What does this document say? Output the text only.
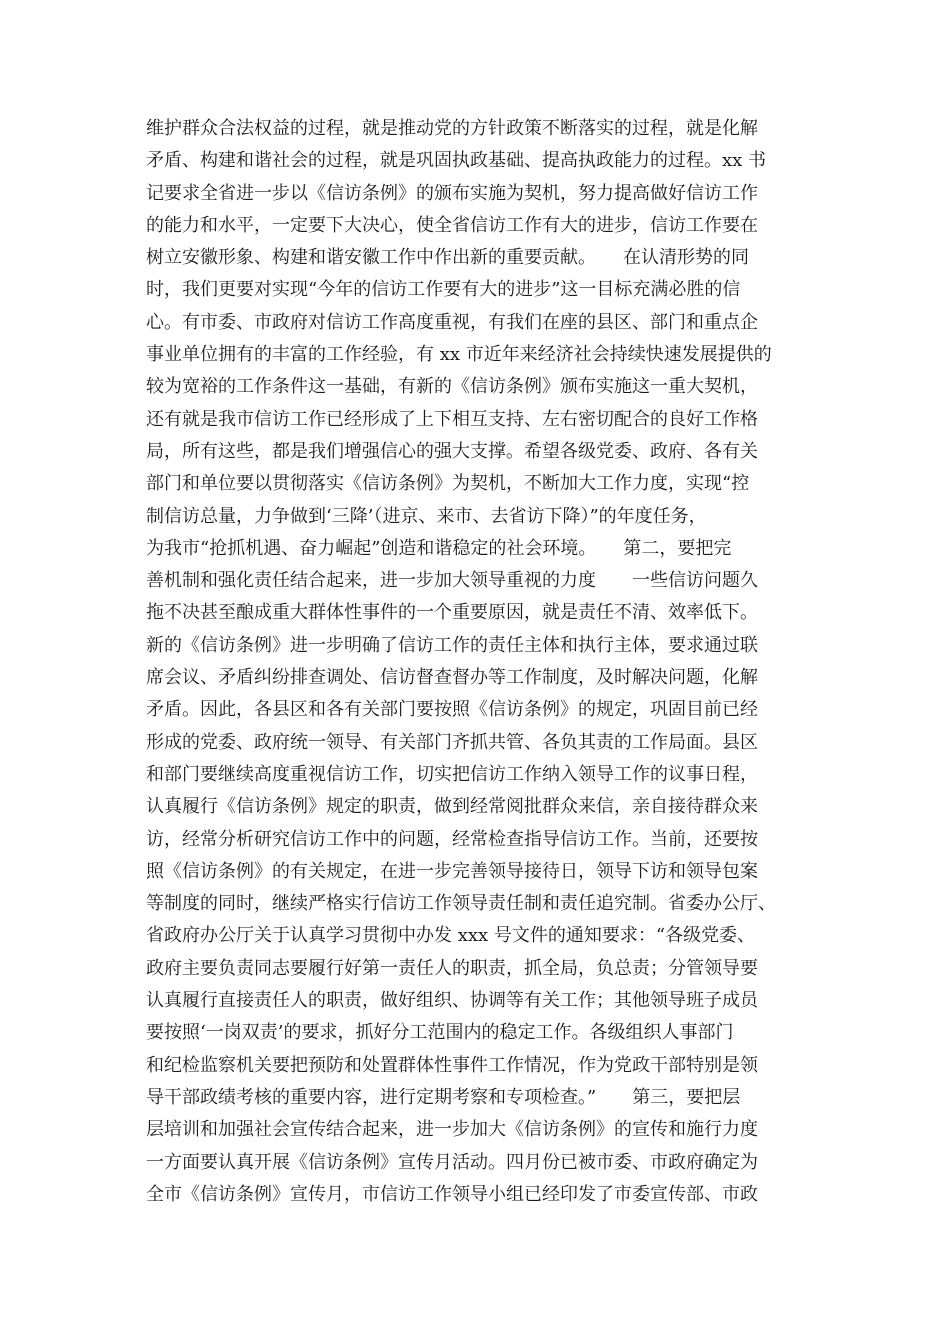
维护群众合法权益的过程，就是推动党的方针政策不断落实的过程，就是化解
矛盾、构建和谐社会的过程，就是巩固执政基础、提高执政能力的过程。xx 书
记要求全省进一步以《信访条例》的颁布实施为契机，努力提高做好信访工作
的能力和水平，一定要下大决心，使全省信访工作有大的进步，信访工作要在
树立安徽形象、构建和谐安徽工作中作出新的重要贡献。　　在认清形势的同
时，我们更要对实现“今年的信访工作要有大的进步”这一目标充满必胜的信
心。有市委、市政府对信访工作高度重视，有我们在座的县区、部门和重点企
事业单位拥有的丰富的工作经验，有 xx 市近年来经济社会持续快速发展提供的
较为宽裕的工作条件这一基础，有新的《信访条例》颁布实施这一重大契机，
还有就是我市信访工作已经形成了上下相互支持、左右密切配合的良好工作格
局，所有这些，都是我们增强信心的强大支撑。希望各级党委、政府、各有关
部门和单位要以贯彻落实《信访条例》为契机，不断加大工作力度，实现“控
制信访总量，力争做到‘三降’（进京、来市、去省访下降）”的年度任务，
为我市“抢抓机遇、奋力崛起”创造和谐稳定的社会环境。　　第二，要把完
善机制和强化责任结合起来，进一步加大领导重视的力度　　一些信访问题久
拖不决甚至酿成重大群体性事件的一个重要原因，就是责任不清、效率低下。
新的《信访条例》进一步明确了信访工作的责任主体和执行主体，要求通过联
席会议、矛盾纠纷排查调处、信访督查督办等工作制度，及时解决问题，化解
矛盾。因此，各县区和各有关部门要按照《信访条例》的规定，巩固目前已经
形成的党委、政府统一领导、有关部门齐抓共管、各负其责的工作局面。县区
和部门要继续高度重视信访工作，切实把信访工作纳入领导工作的议事日程，
认真履行《信访条例》规定的职责，做到经常阅批群众来信，亲自接待群众来
访，经常分析研究信访工作中的问题，经常检查指导信访工作。当前，还要按
照《信访条例》的有关规定，在进一步完善领导接待日，领导下访和领导包案
等制度的同时，继续严格实行信访工作领导责任制和责任追究制。省委办公厅、
省政府办公厅关于认真学习贯彻中办发 xxx 号文件的通知要求：“各级党委、
政府主要负责同志要履行好第一责任人的职责，抓全局，负总责；分管领导要
认真履行直接责任人的职责，做好组织、协调等有关工作；其他领导班子成员
要按照‘一岗双责’的要求，抓好分工范围内的稳定工作。各级组织人事部门
和纪检监察机关要把预防和处置群体性事件工作情况，作为党政干部特别是领
导干部政绩考核的重要内容，进行定期考察和专项检查。”　　第三，要把层
层培训和加强社会宣传结合起来，进一步加大《信访条例》的宣传和施行力度
一方面要认真开展《信访条例》宣传月活动。四月份已被市委、市政府确定为
全市《信访条例》宣传月，市信访工作领导小组已经印发了市委宣传部、市政
